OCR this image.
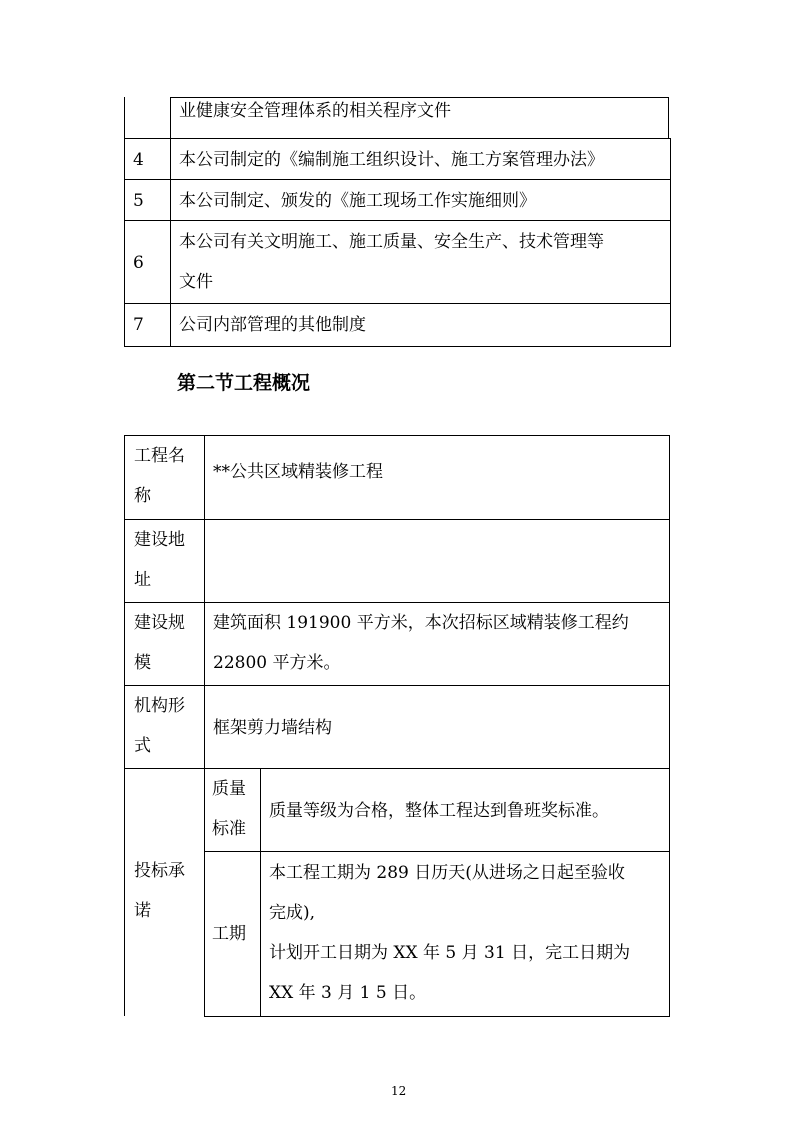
业健康安全管理体系的相关程序文件
4 本公司制定的《编制施工组织设计、施工方案管理办法》
5 本公司制定、颁发的《施工现场工作实施细则》
6
本公司有关文明施工、施工质量、安全生产、技术管理等
文件
7 公司内部管理的其他制度
第二节工程概况
工程名
称
**公共区域精装修工程
建设地
址
建设规
模
建筑面积 191900 平方米，本次招标区域精装修工程约
22800 平方米。
机构形
式
框架剪力墙结构
投标承
诺
质量
标准
质量等级为合格，整体工程达到鲁班奖标准。
工期
本工程工期为 289 日历天(从进场之日起至验收
完成),
计划开工日期为 XX 年 5 月 31 日，完工日期为
XX 年 3 月 1 5 日。
12
